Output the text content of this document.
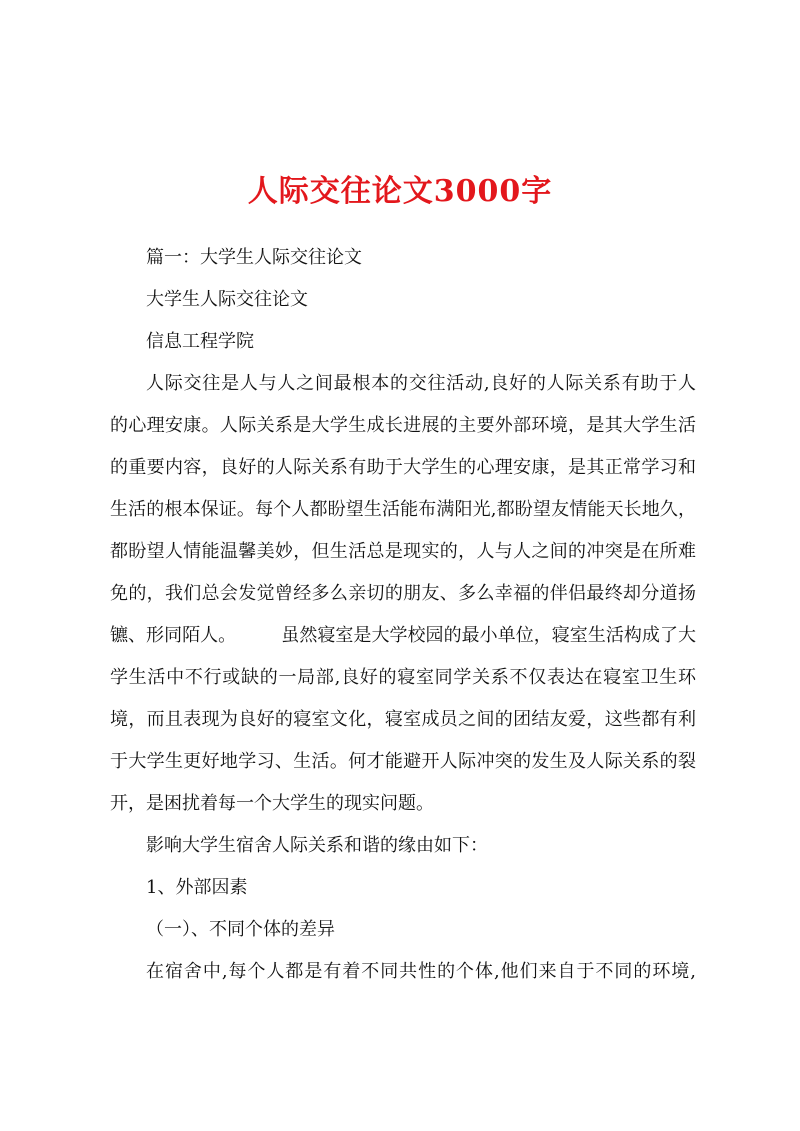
人际交往论文3000字
篇一：大学生人际交往论文
大学生人际交往论文
信息工程学院
人际交往是人与人之间最根本的交往活动,良好的人际关系有助于人
的心理安康。人际关系是大学生成长进展的主要外部环境，是其大学生活
的重要内容，良好的人际关系有助于大学生的心理安康，是其正常学习和
生活的根本保证。每个人都盼望生活能布满阳光,都盼望友情能天长地久，
都盼望人情能温馨美妙，但生活总是现实的，人与人之间的冲突是在所难
免的，我们总会发觉曾经多么亲切的朋友、多么幸福的伴侣最终却分道扬
镳、形同陌人。　　　虽然寝室是大学校园的最小单位，寝室生活构成了大
学生活中不行或缺的一局部,良好的寝室同学关系不仅表达在寝室卫生环
境，而且表现为良好的寝室文化，寝室成员之间的团结友爱，这些都有利
于大学生更好地学习、生活。何才能避开人际冲突的发生及人际关系的裂
开，是困扰着每一个大学生的现实问题。
影响大学生宿舍人际关系和谐的缘由如下：
1、外部因素
（一）、不同个体的差异
在宿舍中,每个人都是有着不同共性的个体,他们来自于不同的环境,
